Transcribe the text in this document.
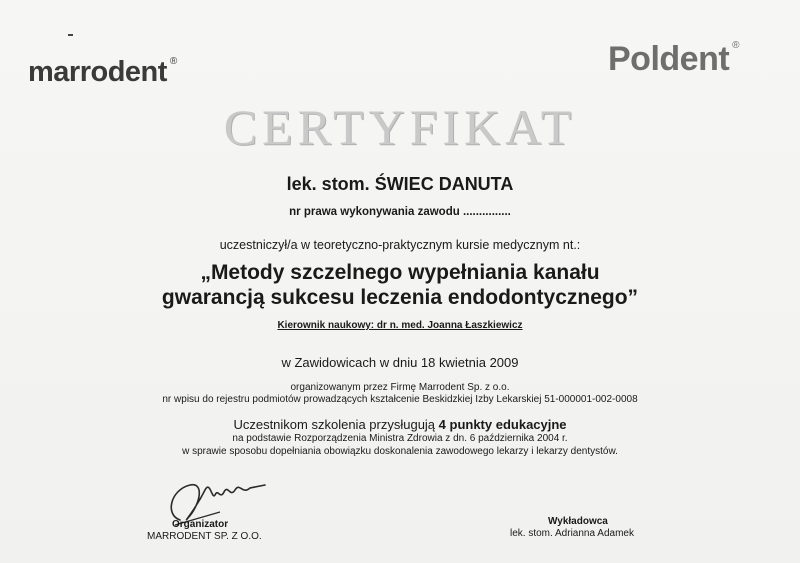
marrodent ®	Poldent ®
CERTYFIKAT
lek. stom. ŚWIEC DANUTA
nr prawa wykonywania zawodu ...............
uczestniczył/a w teoretyczno-praktycznym kursie medycznym nt.:
„Metody szczelnego wypełniania kanału
gwarancją sukcesu leczenia endodontycznego”
Kierownik naukowy: dr n. med. Joanna Łaszkiewicz
w Zawidowicach w dniu 18 kwietnia 2009
organizowanym przez Firmę Marrodent Sp. z o.o.
nr wpisu do rejestru podmiotów prowadzących kształcenie Beskidzkiej Izby Lekarskiej 51-000001-002-0008
Uczestnikom szkolenia przysługują 4 punkty edukacyjne
na podstawie Rozporządzenia Ministra Zdrowia z dn. 6 października 2004 r.
w sprawie sposobu dopełniania obowiązku doskonalenia zawodowego lekarzy i lekarzy dentystów.
Organizator
MARRODENT SP. Z O.O.
Wykładowca
lek. stom. Adrianna Adamek
